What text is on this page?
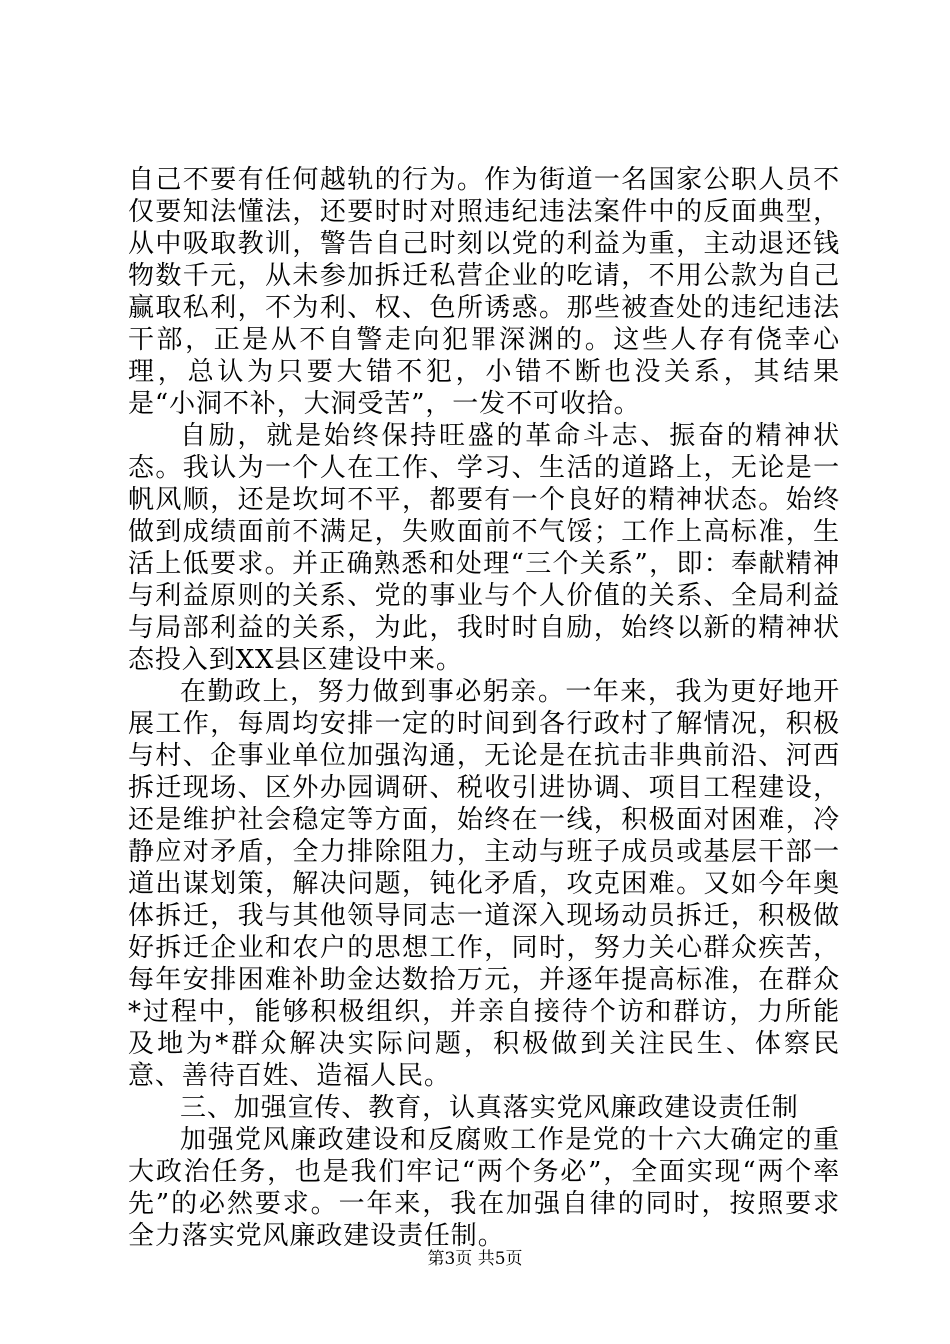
自己不要有任何越轨的行为。作为街道一名国家公职人员不仅要知法懂法，还要时时对照违纪违法案件中的反面典型，从中吸取教训，警告自己时刻以党的利益为重，主动退还钱物数千元，从未参加拆迁私营企业的吃请，不用公款为自己赢取私利，不为利、权、色所诱惑。那些被查处的违纪违法干部，正是从不自警走向犯罪深渊的。这些人存有侥幸心理，总认为只要大错不犯，小错不断也没关系，其结果是“小洞不补，大洞受苦”，一发不可收拾。

自励，就是始终保持旺盛的革命斗志、振奋的精神状态。我认为一个人在工作、学习、生活的道路上，无论是一帆风顺，还是坎坷不平，都要有一个良好的精神状态。始终做到成绩面前不满足，失败面前不气馁；工作上高标准，生活上低要求。并正确熟悉和处理“三个关系”，即：奉献精神与利益原则的关系、党的事业与个人价值的关系、全局利益与局部利益的关系，为此，我时时自励，始终以新的精神状态投入到XX县区建设中来。

在勤政上，努力做到事必躬亲。一年来，我为更好地开展工作，每周均安排一定的时间到各行政村了解情况，积极与村、企事业单位加强沟通，无论是在抗击非典前沿、河西拆迁现场、区外办园调研、税收引进协调、项目工程建设，还是维护社会稳定等方面，始终在一线，积极面对困难，冷静应对矛盾，全力排除阻力，主动与班子成员或基层干部一道出谋划策，解决问题，钝化矛盾，攻克困难。又如今年奥体拆迁，我与其他领导同志一道深入现场动员拆迁，积极做好拆迁企业和农户的思想工作，同时，努力关心群众疾苦，每年安排困难补助金达数拾万元，并逐年提高标准，在群众*过程中，能够积极组织，并亲自接待个访和群访，力所能及地为*群众解决实际问题，积极做到关注民生、体察民意、善待百姓、造福人民。

三、加强宣传、教育，认真落实党风廉政建设责任制

加强党风廉政建设和反腐败工作是党的十六大确定的重大政治任务，也是我们牢记“两个务必”，全面实现“两个率先”的必然要求。一年来，我在加强自律的同时，按照要求全力落实党风廉政建设责任制。

第3页 共5页
